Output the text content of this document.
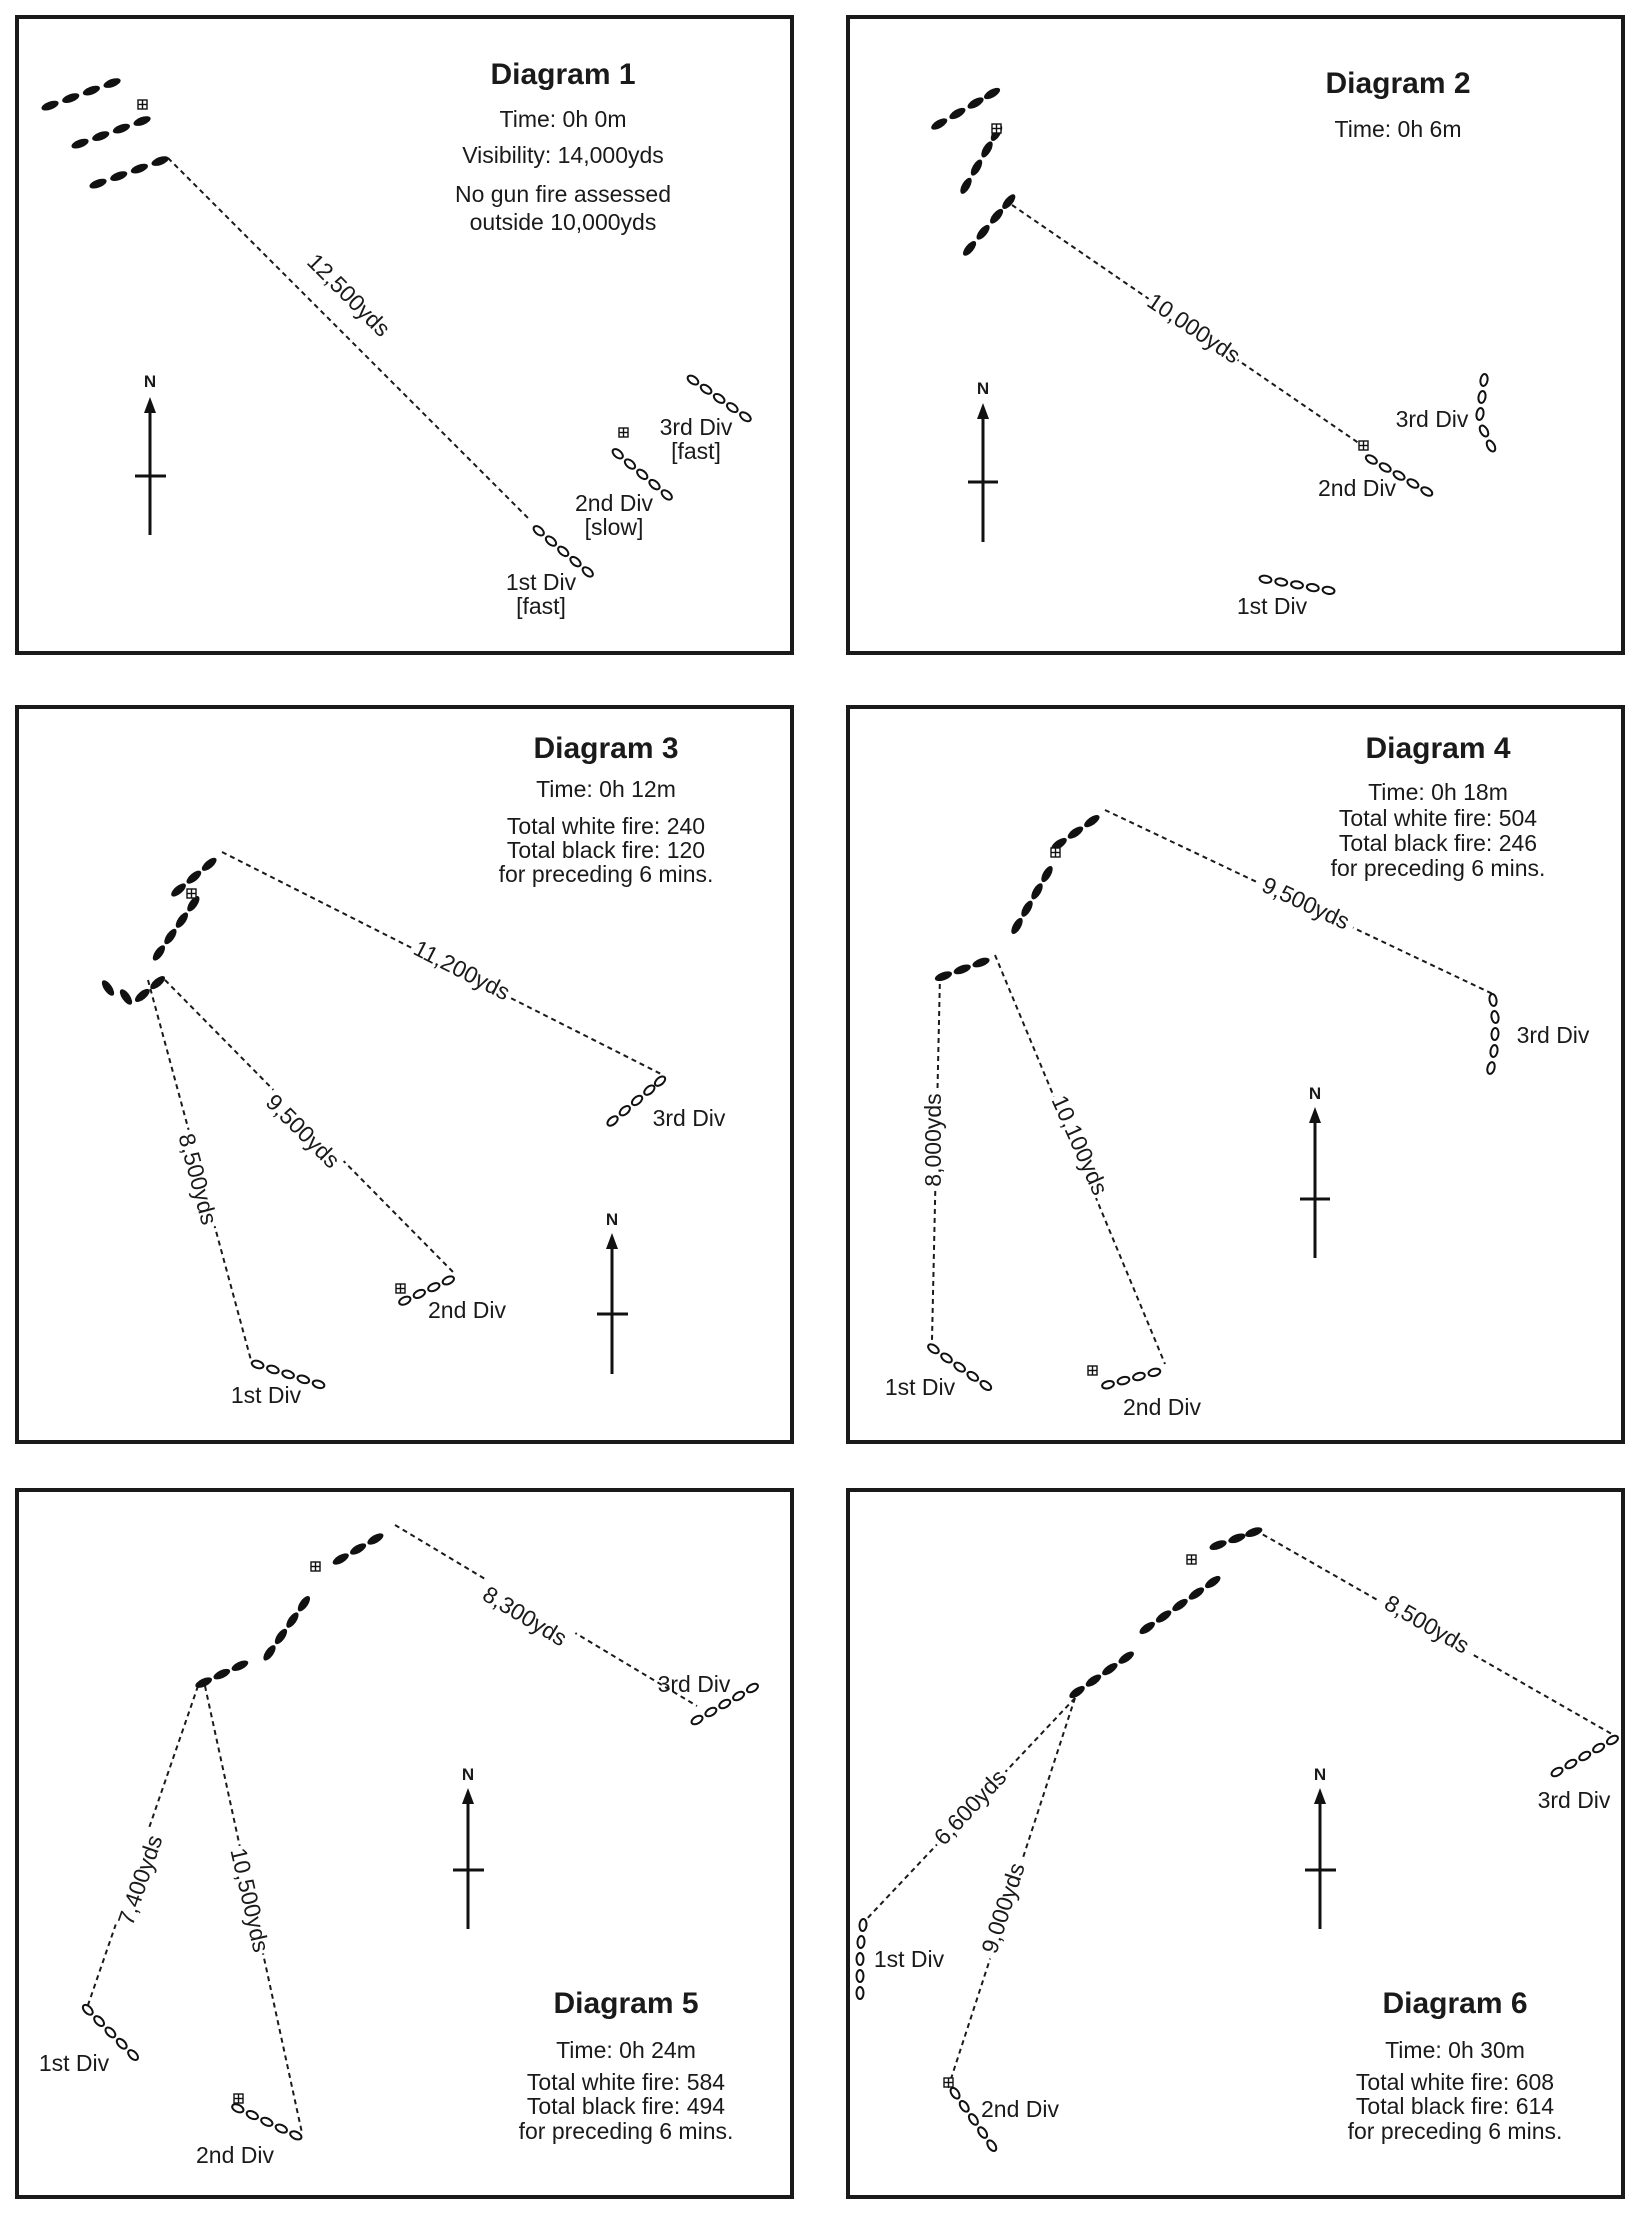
Diagram 1
Time: 0h 0m
Visibility: 14,000yds
No gun fire assessed
outside 10,000yds
12,500yds
1st Div
[fast]
2nd Div
[slow]
3rd Div
[fast]
N
Diagram 2
Time: 0h 6m
10,000yds
1st Div
2nd Div
3rd Div
N
Diagram 3
Time: 0h 12m
Total white fire: 240
Total black fire: 120
for preceding 6 mins.
11,200yds
9,500yds
8,500yds
1st Div
2nd Div
3rd Div
N
Diagram 4
Time: 0h 18m
Total white fire: 504
Total black fire: 246
for preceding 6 mins.
9,500yds
8,000yds	10,100yds
1st Div
2nd Div
3rd Div
N
Diagram 5
Time: 0h 24m
Total white fire: 584
Total black fire: 494
for preceding 6 mins.
8,300yds
7,400yds	10,500yds
1st Div
2nd Div
3rd Div
N
Diagram 6
Time: 0h 30m
Total white fire: 608
Total black fire: 614
for preceding 6 mins.
8,500yds
6,600yds
9,000yds
1st Div
2nd Div
3rd Div
N
